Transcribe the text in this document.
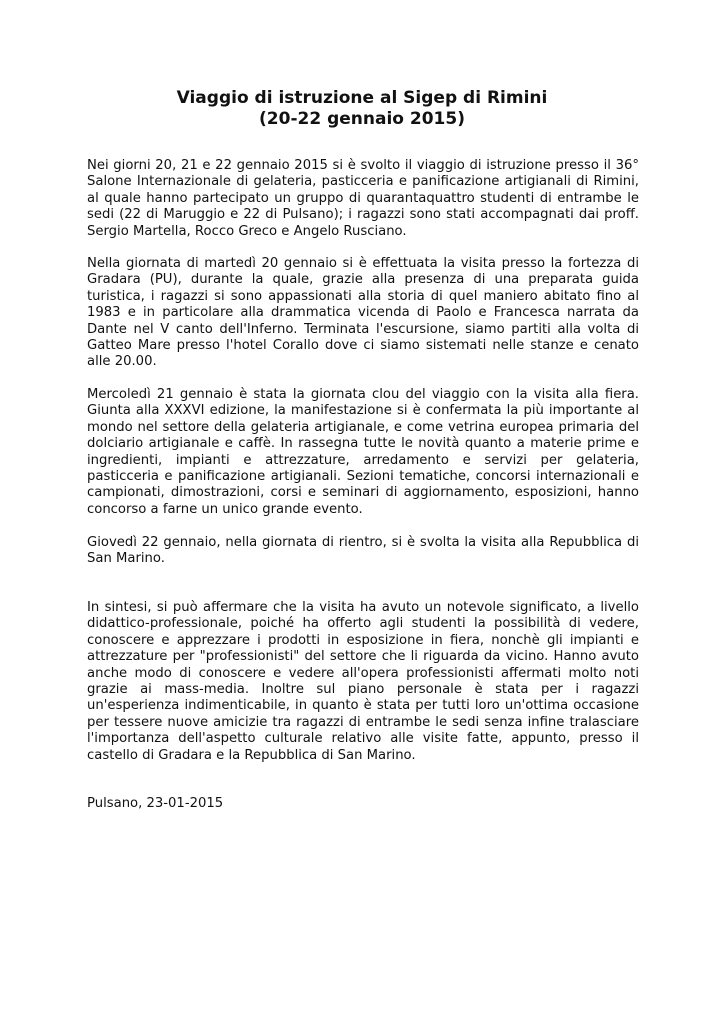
Viaggio di istruzione al Sigep di Rimini
(20-22 gennaio 2015)

Nei giorni 20, 21 e 22 gennaio 2015 si è svolto il viaggio di istruzione presso il 36° Salone Internazionale di gelateria, pasticceria e panificazione artigianali di Rimini, al quale hanno partecipato un gruppo di quarantaquattro studenti di entrambe le sedi (22 di Maruggio e 22 di Pulsano); i ragazzi sono stati accompagnati dai proff. Sergio Martella, Rocco Greco e Angelo Rusciano.

Nella giornata di martedì 20 gennaio si è effettuata la visita presso la fortezza di Gradara (PU), durante la quale, grazie alla presenza di una preparata guida turistica, i ragazzi si sono appassionati alla storia di quel maniero abitato fino al 1983 e in particolare alla drammatica vicenda di Paolo e Francesca narrata da Dante nel V canto dell'Inferno. Terminata l'escursione, siamo partiti alla volta di Gatteo Mare presso l'hotel Corallo dove ci siamo sistemati nelle stanze e cenato alle 20.00.

Mercoledì 21 gennaio è stata la giornata clou del viaggio con la visita alla fiera. Giunta alla XXXVI edizione, la manifestazione si è confermata la più importante al mondo nel settore della gelateria artigianale, e come vetrina europea primaria del dolciario artigianale e caffè. In rassegna tutte le novità quanto a materie prime e ingredienti, impianti e attrezzature, arredamento e servizi per gelateria, pasticceria e panificazione artigianali. Sezioni tematiche, concorsi internazionali e campionati, dimostrazioni, corsi e seminari di aggiornamento, esposizioni, hanno concorso a farne un unico grande evento.

Giovedì 22 gennaio, nella giornata di rientro, si è svolta la visita alla Repubblica di San Marino.

In sintesi, si può affermare che la visita ha avuto un notevole significato, a livello didattico-professionale, poiché ha offerto agli studenti la possibilità di vedere, conoscere e apprezzare i prodotti in esposizione in fiera, nonchè gli impianti e attrezzature per "professionisti" del settore che li riguarda da vicino. Hanno avuto anche modo di conoscere e vedere all'opera professionisti affermati molto noti grazie ai mass-media. Inoltre sul piano personale è stata per i ragazzi un'esperienza indimenticabile, in quanto è stata per tutti loro un'ottima occasione per tessere nuove amicizie tra ragazzi di entrambe le sedi senza infine tralasciare l'importanza dell'aspetto culturale relativo alle visite fatte, appunto, presso il castello di Gradara e la Repubblica di San Marino.

Pulsano, 23-01-2015
